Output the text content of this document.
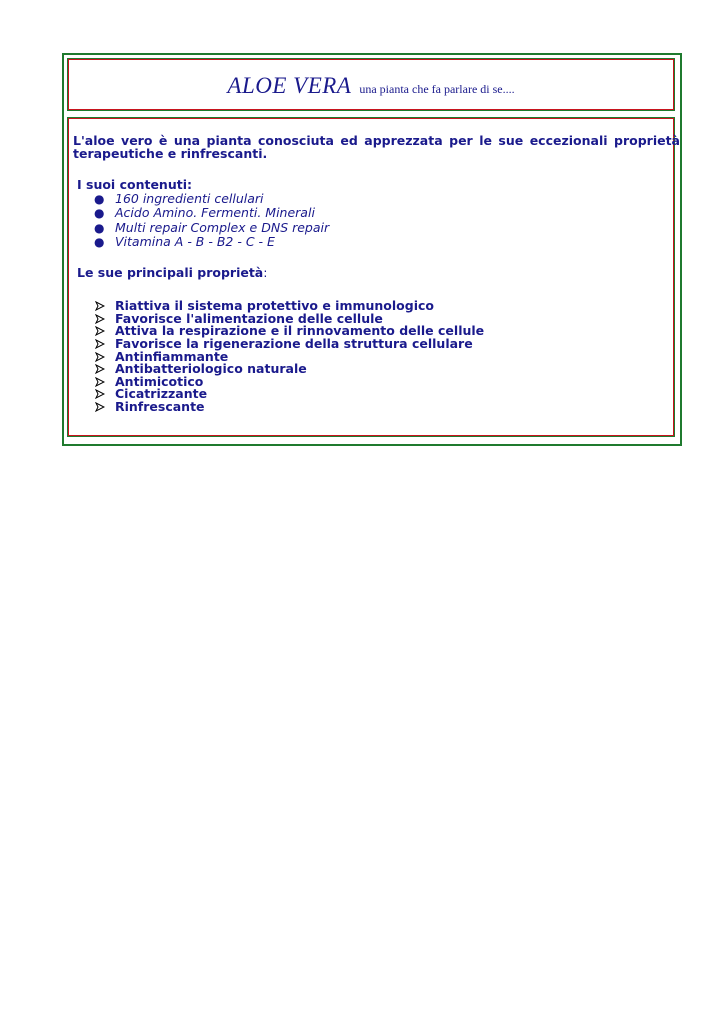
ALOE VERA una pianta che fa parlare di se....

L'aloe vero è una pianta conosciuta ed apprezzata per le sue eccezionali proprietà
terapeutiche e rinfrescanti.

I suoi contenuti:

● 160 ingredienti cellulari
● Acido Amino. Fermenti. Minerali
● Multi repair Complex e DNS repair
● Vitamina A - B - B2 - C - E

Le sue principali proprietà:

Riattiva il sistema protettivo e immunologico
Favorisce l'alimentazione delle cellule
Attiva la respirazione e il rinnovamento delle cellule
Favorisce la rigenerazione della struttura cellulare
Antinfiammante
Antibatteriologico naturale
Antimicotico
Cicatrizzante
Rinfrescante
